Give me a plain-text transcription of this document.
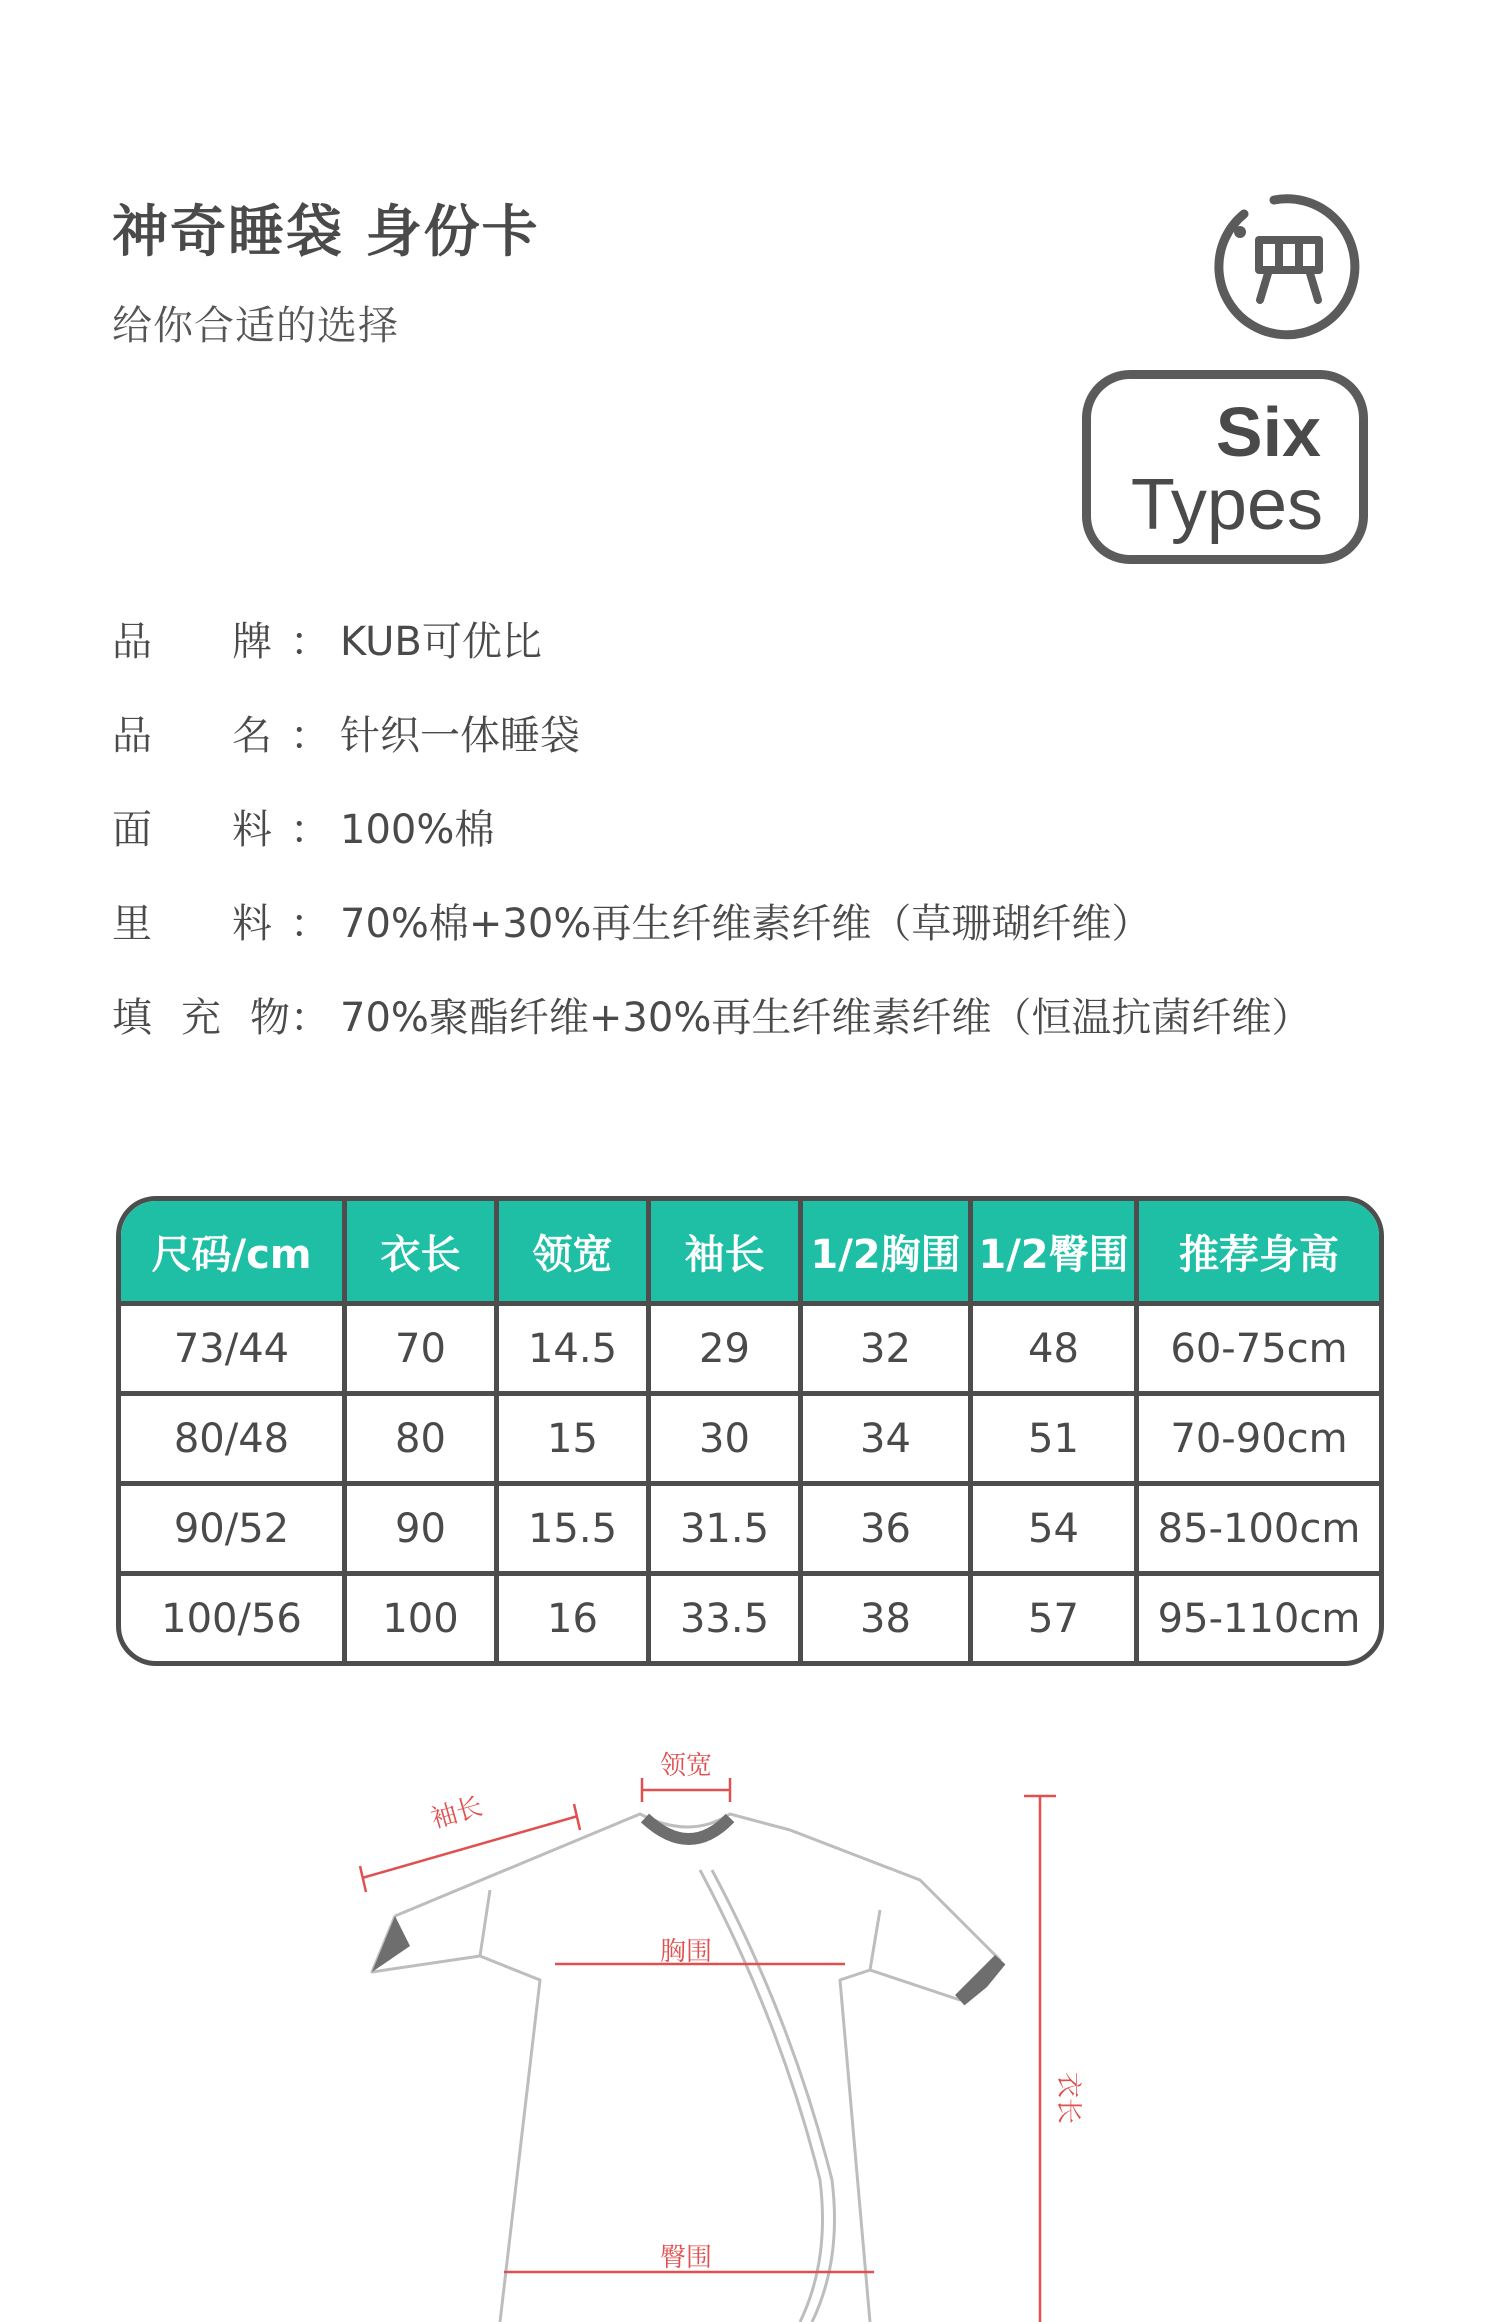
神奇睡袋 身份卡
给你合适的选择
Six
Types
品 牌 ： KUB可优比
品 名 ： 针织一体睡袋
面 料 ： 100%棉
里 料 ： 70%棉+30%再生纤维素纤维（草珊瑚纤维）
填 充 物 ： 70%聚酯纤维+30%再生纤维素纤维（恒温抗菌纤维）
尺码/cm	衣长	领宽	袖长	1/2胸围	1/2臀围	推荐身高
73/44	70	14.5	29	32	48	60-75cm
80/48	80	15	30	34	51	70-90cm
90/52	90	15.5	31.5	36	54	85-100cm
100/56	100	16	33.5	38	57	95-110cm
袖长
领宽
胸围
衣长
臀围
